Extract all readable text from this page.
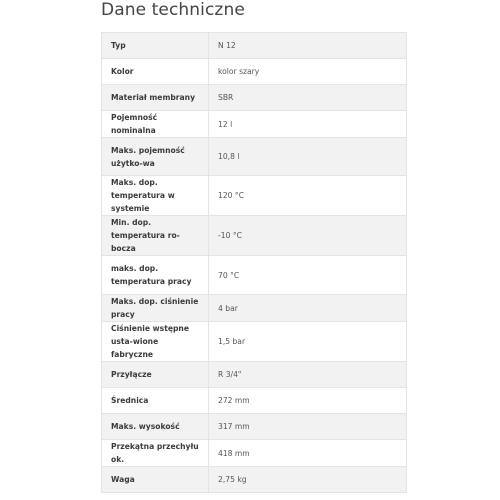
Dane techniczne
Typ	N 12
Kolor	kolor szary
Materiał membrany	SBR
Pojemność nominalna	12 l
Maks. pojemność użytko-wa	10,8 l
Maks. dop. temperatura w systemie	120 °C
Min. dop. temperatura ro-bocza	-10 °C
maks. dop. temperatura pracy	70 °C
Maks. dop. ciśnienie pracy	4 bar
Ciśnienie wstępne usta-wione fabryczne	1,5 bar
Przyłącze	R 3/4"
Średnica	272 mm
Maks. wysokość	317 mm
Przekątna przechyłu ok.	418 mm
Waga	2,75 kg
